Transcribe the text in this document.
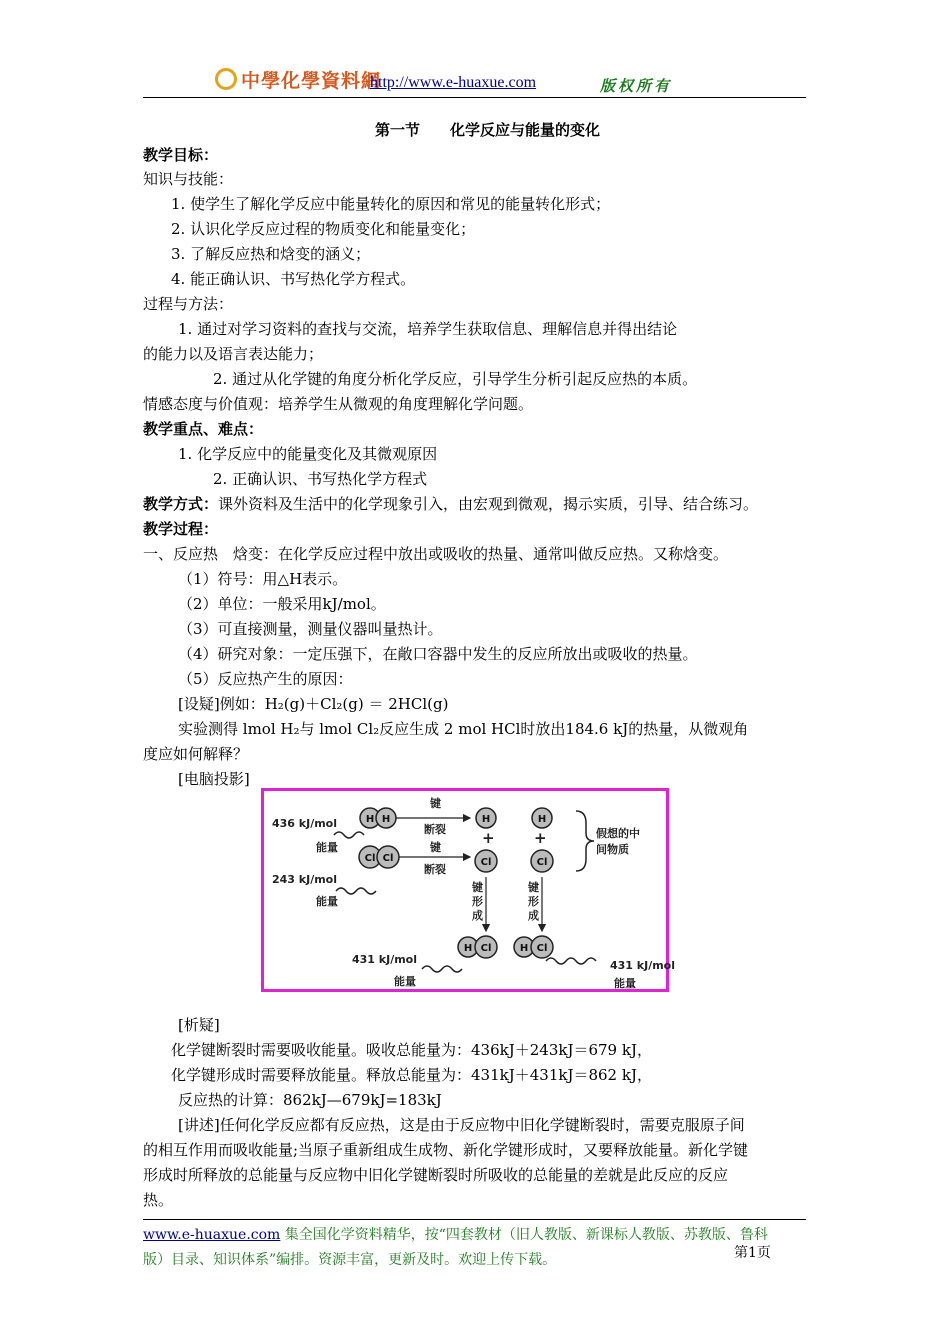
中學化學資料網
http://www.e-huaxue.com	版权所有
第一节　　化学反应与能量的变化
教学目标：
知识与技能：
1. 使学生了解化学反应中能量转化的原因和常见的能量转化形式；
2. 认识化学反应过程的物质变化和能量变化；
3. 了解反应热和焓变的涵义；
4. 能正确认识、书写热化学方程式。
过程与方法：
1. 通过对学习资料的查找与交流，培养学生获取信息、理解信息并得出结论
的能力以及语言表达能力；
2. 通过从化学键的角度分析化学反应，引导学生分析引起反应热的本质。
情感态度与价值观：培养学生从微观的角度理解化学问题。
教学重点、难点：
1. 化学反应中的能量变化及其微观原因
2. 正确认识、书写热化学方程式
教学方式：课外资料及生活中的化学现象引入，由宏观到微观，揭示实质，引导、结合练习。
教学过程：
一、反应热　焓变：在化学反应过程中放出或吸收的热量、通常叫做反应热。又称焓变。
（1）符号：用△H表示。
（2）单位：一般采用kJ/mol。
（3）可直接测量，测量仪器叫量热计。
（4）研究对象：一定压强下，在敞口容器中发生的反应所放出或吸收的热量。
（5）反应热产生的原因：
[设疑]例如：H₂(g)＋Cl₂(g) ＝ 2HCl(g)
实验测得 lmol H₂与 lmol Cl₂反应生成 2 mol HCl时放出184.6 kJ的热量，从微观角
度应如何解释？
[电脑投影]
436 kJ/mol
能量
243 kJ/mol
能量
431 kJ/mol
能量
431 kJ/mol
能量
键
断裂
键
断裂
键
形
成
键
形
成
假想的中
间物质
+	+
H H
Cl Cl
H	H
Cl	Cl
H Cl	H Cl
[析疑]
化学键断裂时需要吸收能量。吸收总能量为：436kJ＋243kJ＝679 kJ，
化学键形成时需要释放能量。释放总能量为：431kJ＋431kJ＝862 kJ，
反应热的计算：862kJ—679kJ=183kJ
[讲述]任何化学反应都有反应热，这是由于反应物中旧化学键断裂时，需要克服原子间
的相互作用而吸收能量;当原子重新组成生成物、新化学键形成时，又要释放能量。新化学键
形成时所释放的总能量与反应物中旧化学键断裂时所吸收的总能量的差就是此反应的反应
热。
www.e-huaxue.com 集全国化学资料精华，按“四套教材（旧人教版、新课标人教版、苏教版、鲁科版）目录、知识体系”编排。资源丰富，更新及时。欢迎上传下载。	第1页
